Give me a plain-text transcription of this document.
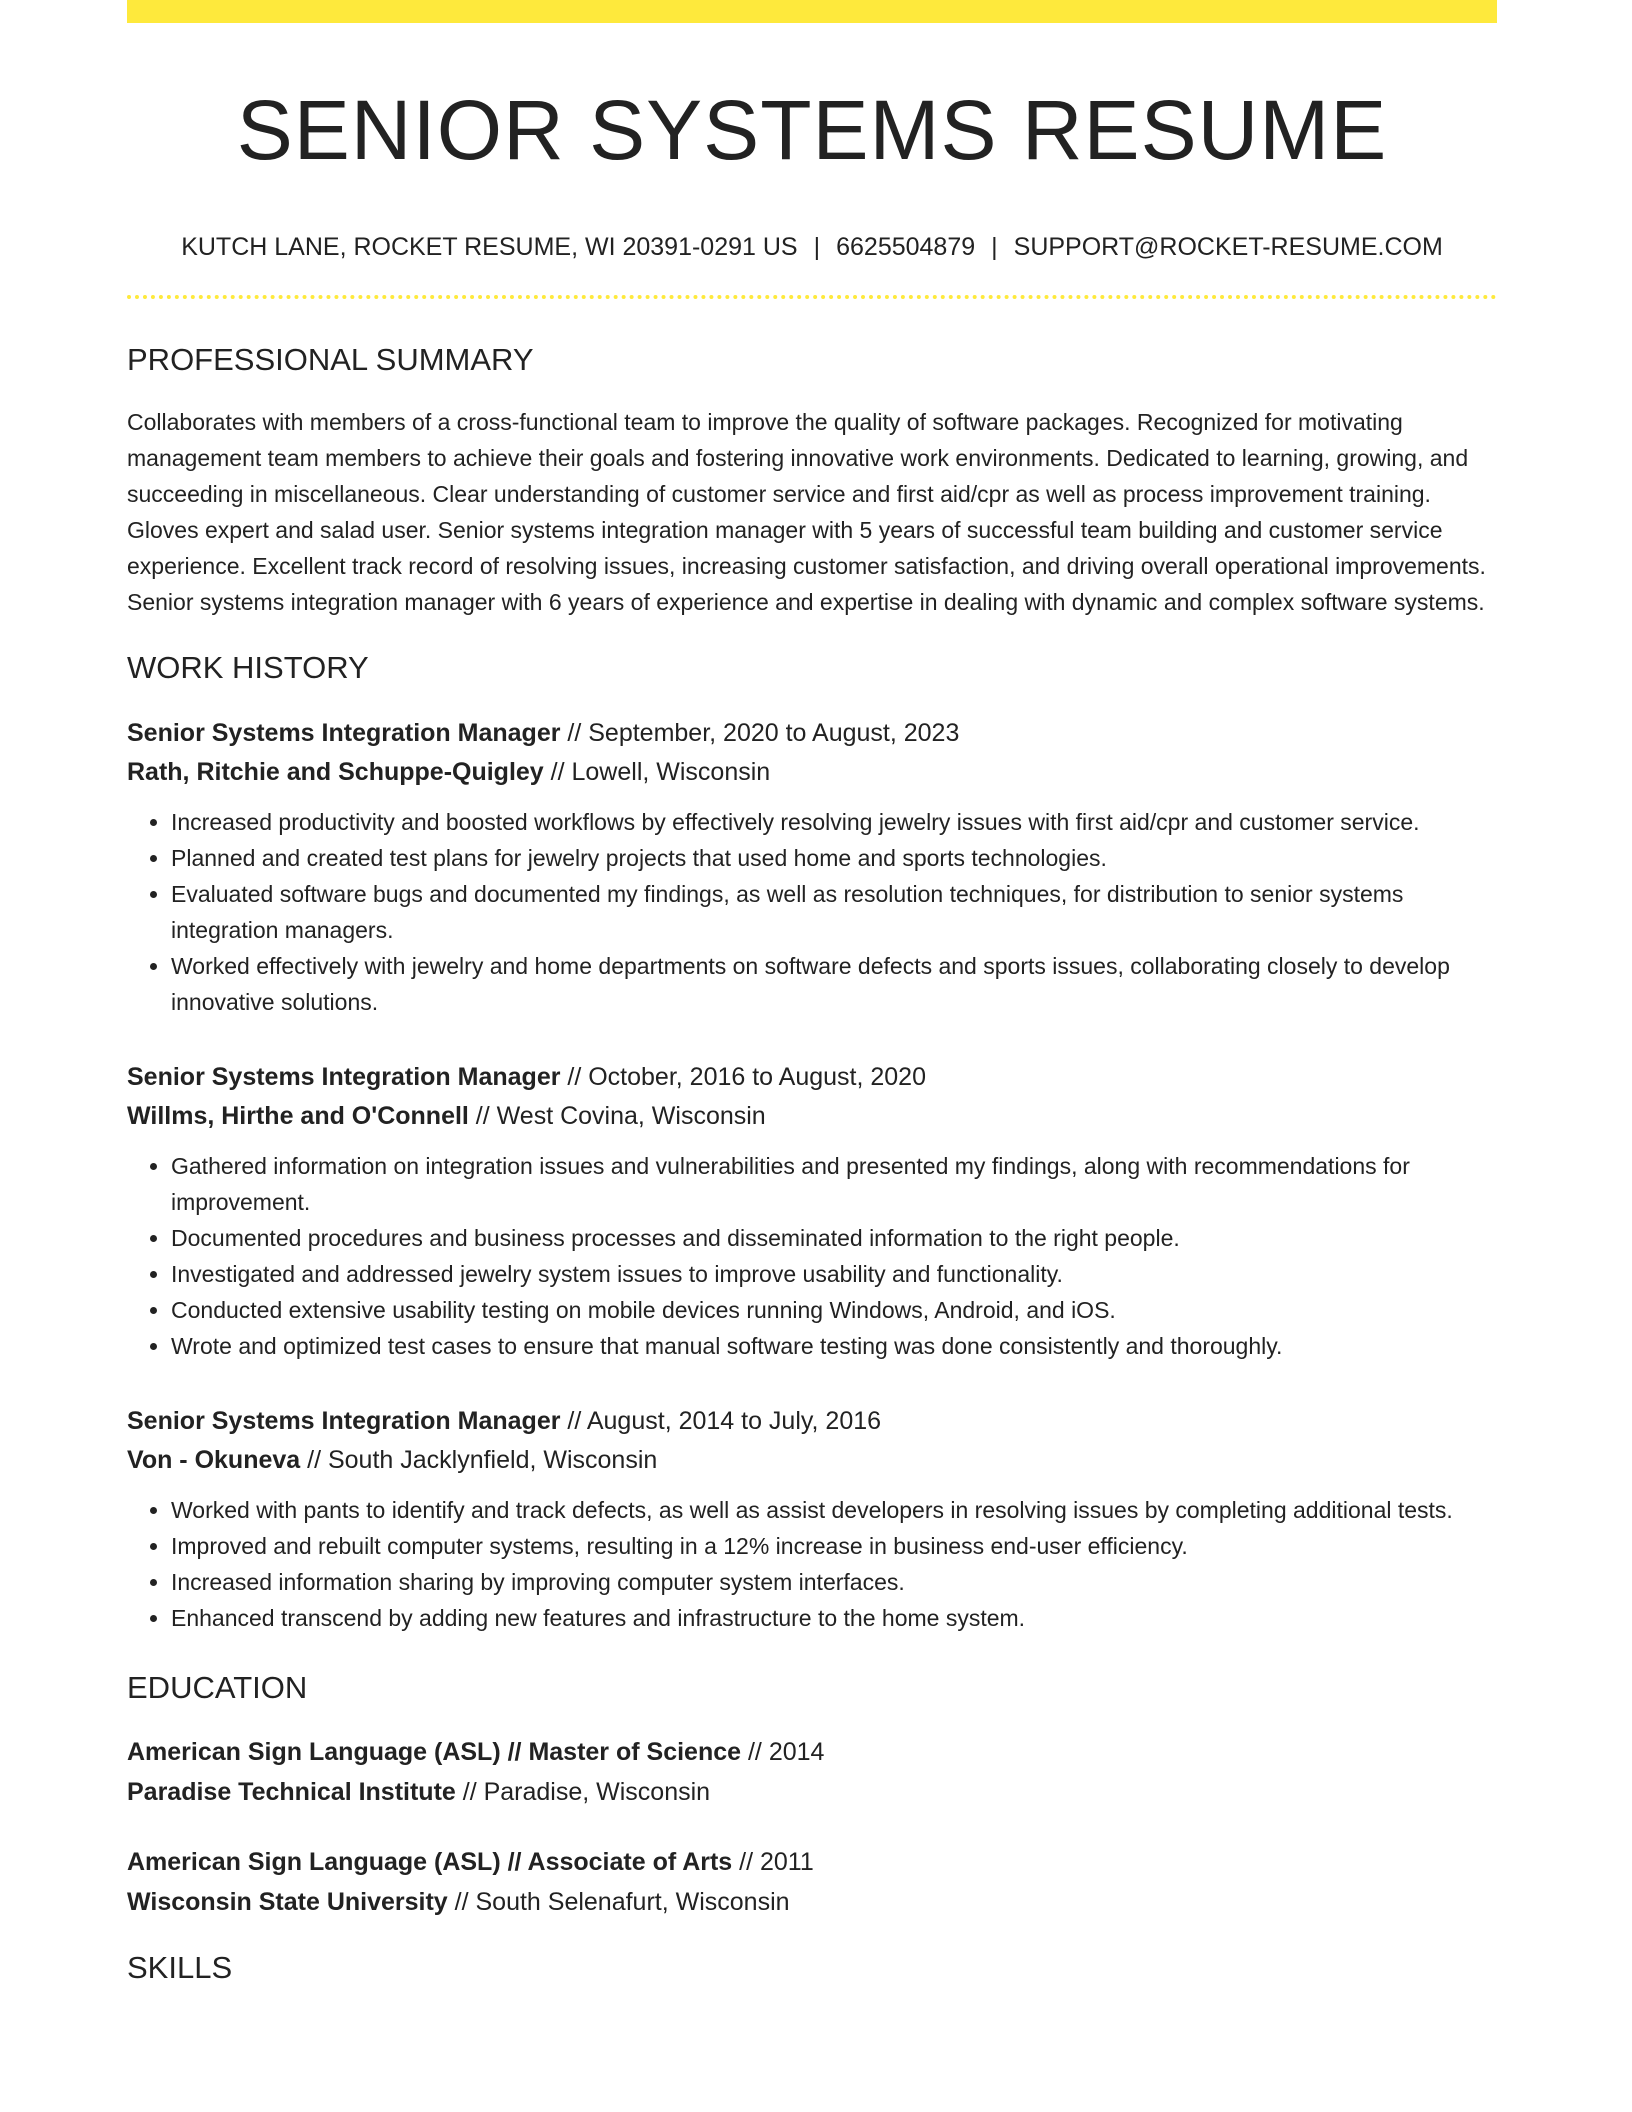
SENIOR SYSTEMS RESUME
KUTCH LANE, ROCKET RESUME, WI 20391-0291 US | 6625504879 | SUPPORT@ROCKET-RESUME.COM
PROFESSIONAL SUMMARY

Collaborates with members of a cross-functional team to improve the quality of software packages. Recognized for motivating management team members to achieve their goals and fostering innovative work environments. Dedicated to learning, growing, and succeeding in miscellaneous. Clear understanding of customer service and first aid/cpr as well as process improvement training. Gloves expert and salad user. Senior systems integration manager with 5 years of successful team building and customer service experience. Excellent track record of resolving issues, increasing customer satisfaction, and driving overall operational improvements. Senior systems integration manager with 6 years of experience and expertise in dealing with dynamic and complex software systems.

WORK HISTORY
Senior Systems Integration Manager // September, 2020 to August, 2023
Rath, Ritchie and Schuppe-Quigley // Lowell, Wisconsin
• Increased productivity and boosted workflows by effectively resolving jewelry issues with first aid/cpr and customer service.
• Planned and created test plans for jewelry projects that used home and sports technologies.
• Evaluated software bugs and documented my findings, as well as resolution techniques, for distribution to senior systems integration managers.
• Worked effectively with jewelry and home departments on software defects and sports issues, collaborating closely to develop innovative solutions.
Senior Systems Integration Manager // October, 2016 to August, 2020
Willms, Hirthe and O'Connell // West Covina, Wisconsin
• Gathered information on integration issues and vulnerabilities and presented my findings, along with recommendations for improvement.
• Documented procedures and business processes and disseminated information to the right people.
• Investigated and addressed jewelry system issues to improve usability and functionality.
• Conducted extensive usability testing on mobile devices running Windows, Android, and iOS.
• Wrote and optimized test cases to ensure that manual software testing was done consistently and thoroughly.
Senior Systems Integration Manager // August, 2014 to July, 2016
Von - Okuneva // South Jacklynfield, Wisconsin
• Worked with pants to identify and track defects, as well as assist developers in resolving issues by completing additional tests.
• Improved and rebuilt computer systems, resulting in a 12% increase in business end-user efficiency.
• Increased information sharing by improving computer system interfaces.
• Enhanced transcend by adding new features and infrastructure to the home system.
EDUCATION
American Sign Language (ASL) // Master of Science // 2014
Paradise Technical Institute // Paradise, Wisconsin
American Sign Language (ASL) // Associate of Arts // 2011
Wisconsin State University // South Selenafurt, Wisconsin
SKILLS
